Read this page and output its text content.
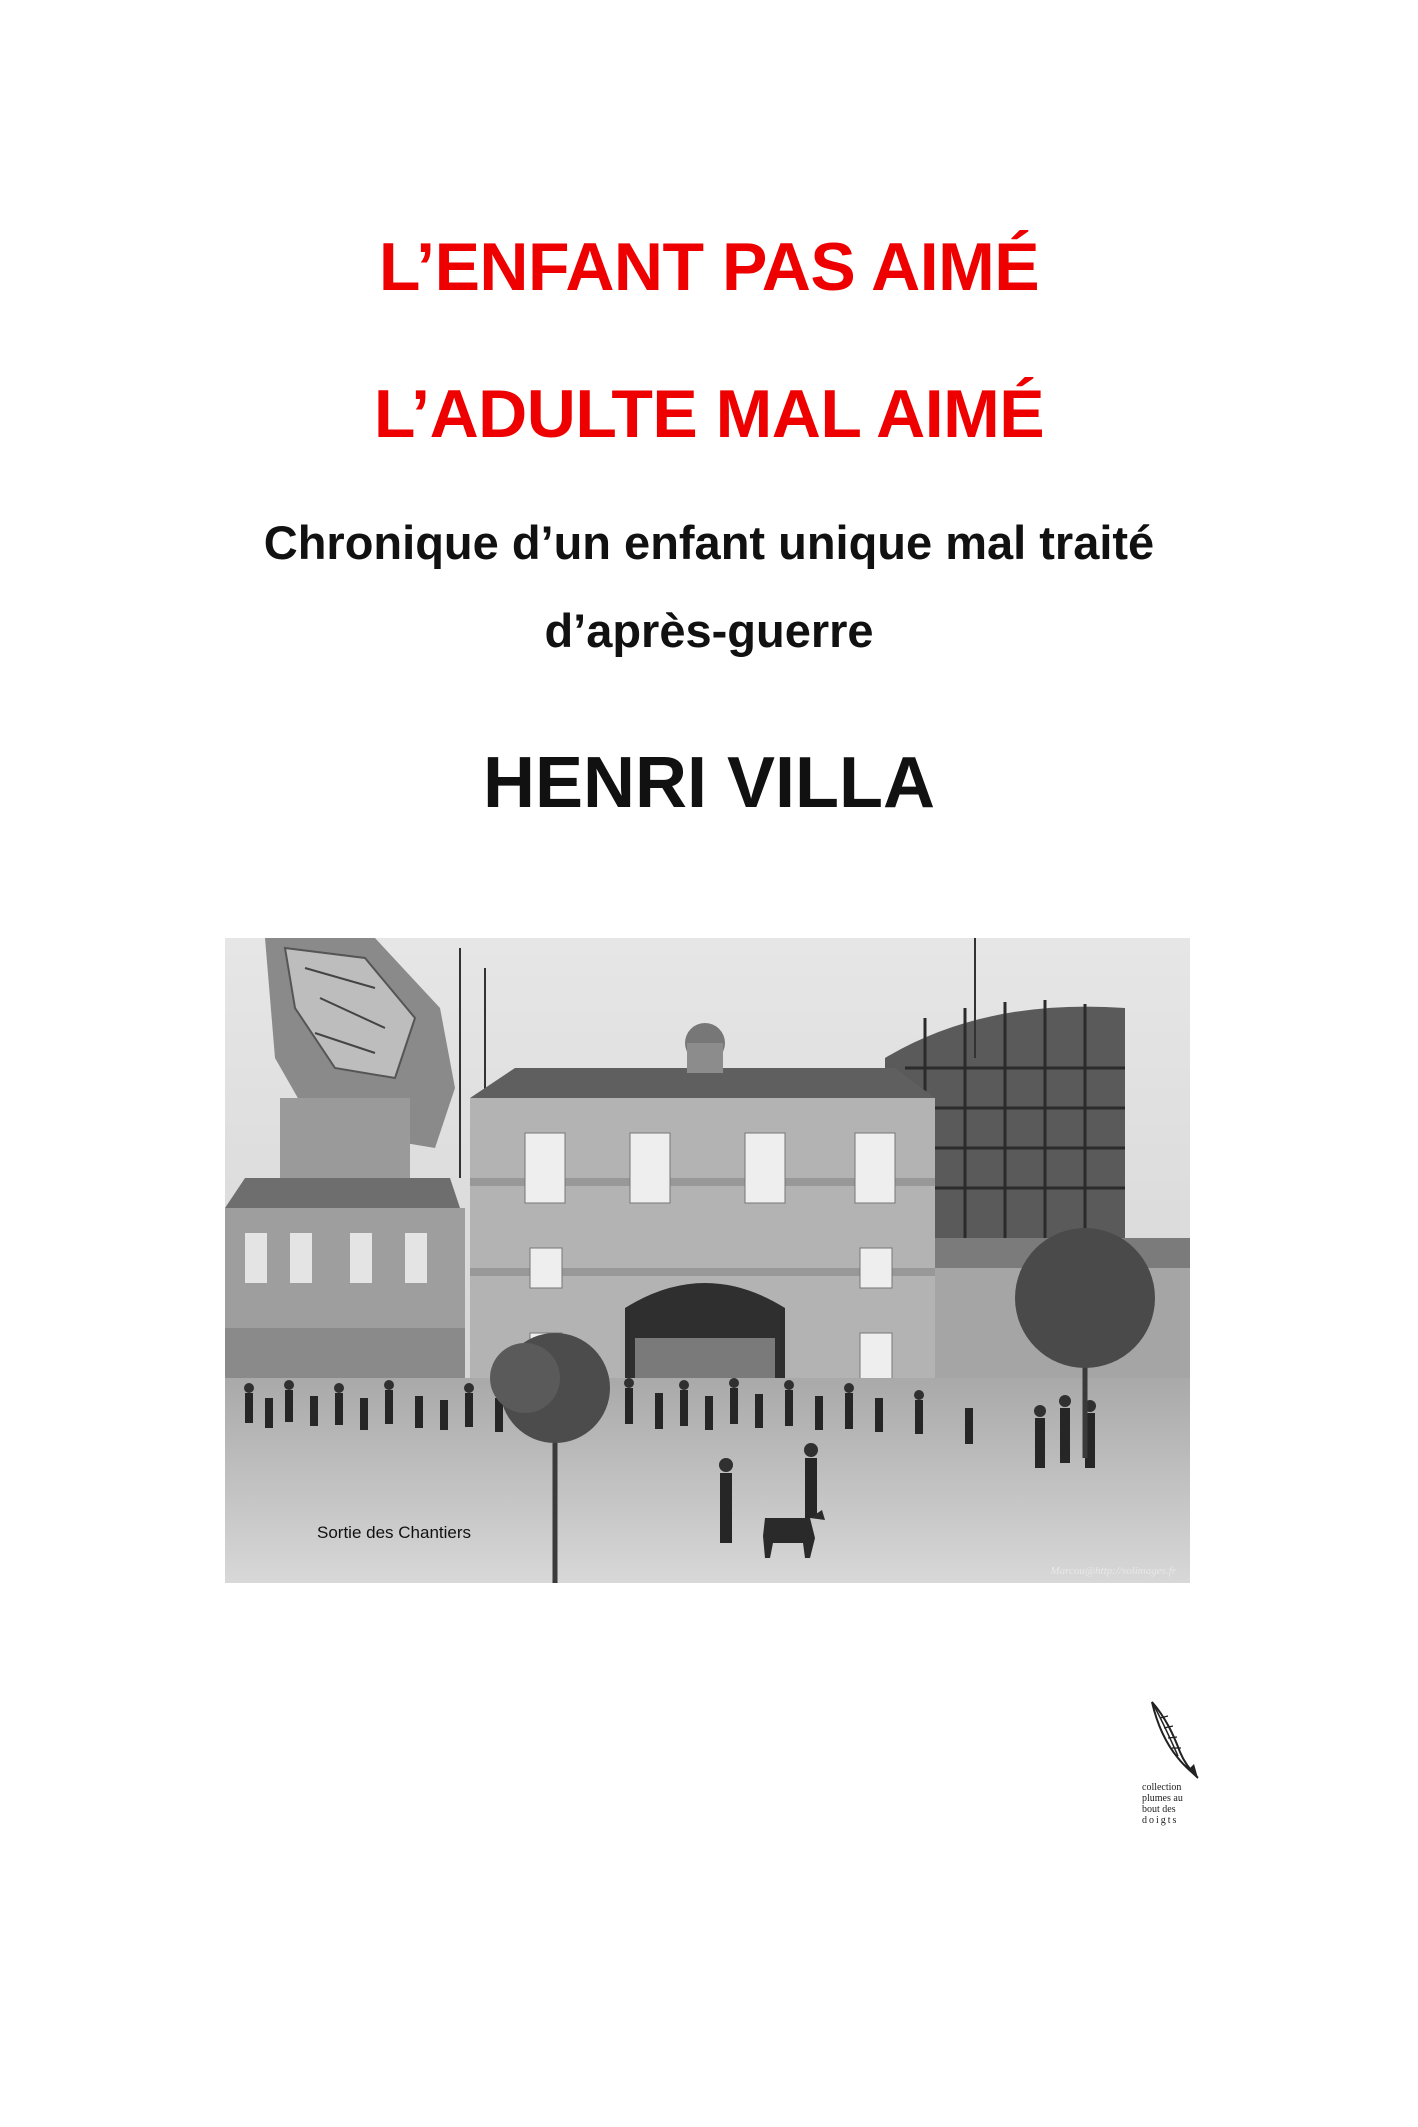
L’ENFANT PAS AIMÉ
L’ADULTE MAL AIMÉ
Chronique d’un enfant unique mal traité
d’après-guerre
HENRI VILLA
Sortie des Chantiers
Marcou@http://solimages.fr
collection
plumes au
bout des
doigts
